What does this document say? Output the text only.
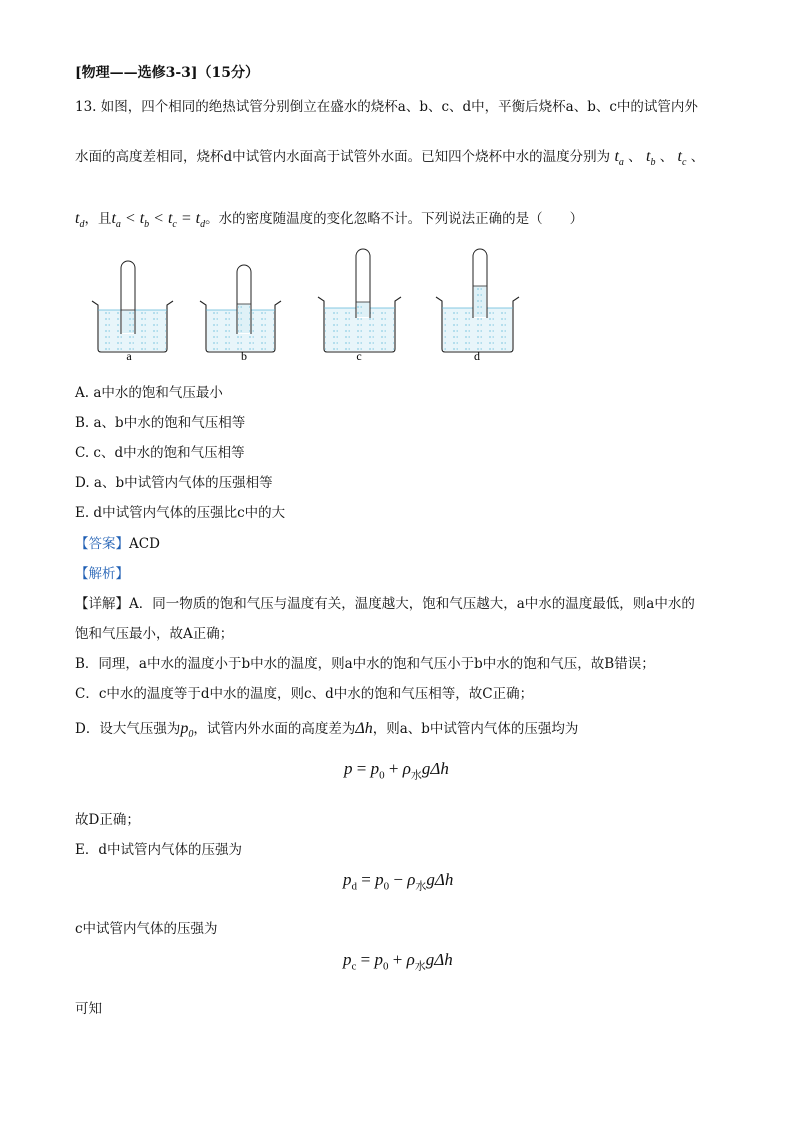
[物理——选修3-3]（15分）
13. 如图，四个相同的绝热试管分别倒立在盛水的烧杯a、b、c、d中，平衡后烧杯a、b、c中的试管内外
水面的高度差相同，烧杯d中试管内水面高于试管外水面。已知四个烧杯中水的温度分别为 $t_a$ 、 $t_b$ 、 $t_c$ 、
$t_d$，且$t_a < t_b < t_c = t_d$。水的密度随温度的变化忽略不计。下列说法正确的是（　　）
a	b	c	d
A. a中水的饱和气压最小
B. a、b中水的饱和气压相等
C. c、d中水的饱和气压相等
D. a、b中试管内气体的压强相等
E. d中试管内气体的压强比c中的大
【答案】ACD
【解析】
【详解】A．同一物质的饱和气压与温度有关，温度越大，饱和气压越大，a中水的温度最低，则a中水的
饱和气压最小，故A正确；
B．同理，a中水的温度小于b中水的温度，则a中水的饱和气压小于b中水的饱和气压，故B错误；
C．c中水的温度等于d中水的温度，则c、d中水的饱和气压相等，故C正确；
D．设大气压强为$p_0$，试管内外水面的高度差为Δh，则a、b中试管内气体的压强均为
$p = p_0 + \rho_水g\Delta h$
故D正确；
E．d中试管内气体的压强为
$p_d = p_0 - \rho_水g\Delta h$
c中试管内气体的压强为
$p_c = p_0 + \rho_水g\Delta h$
可知
